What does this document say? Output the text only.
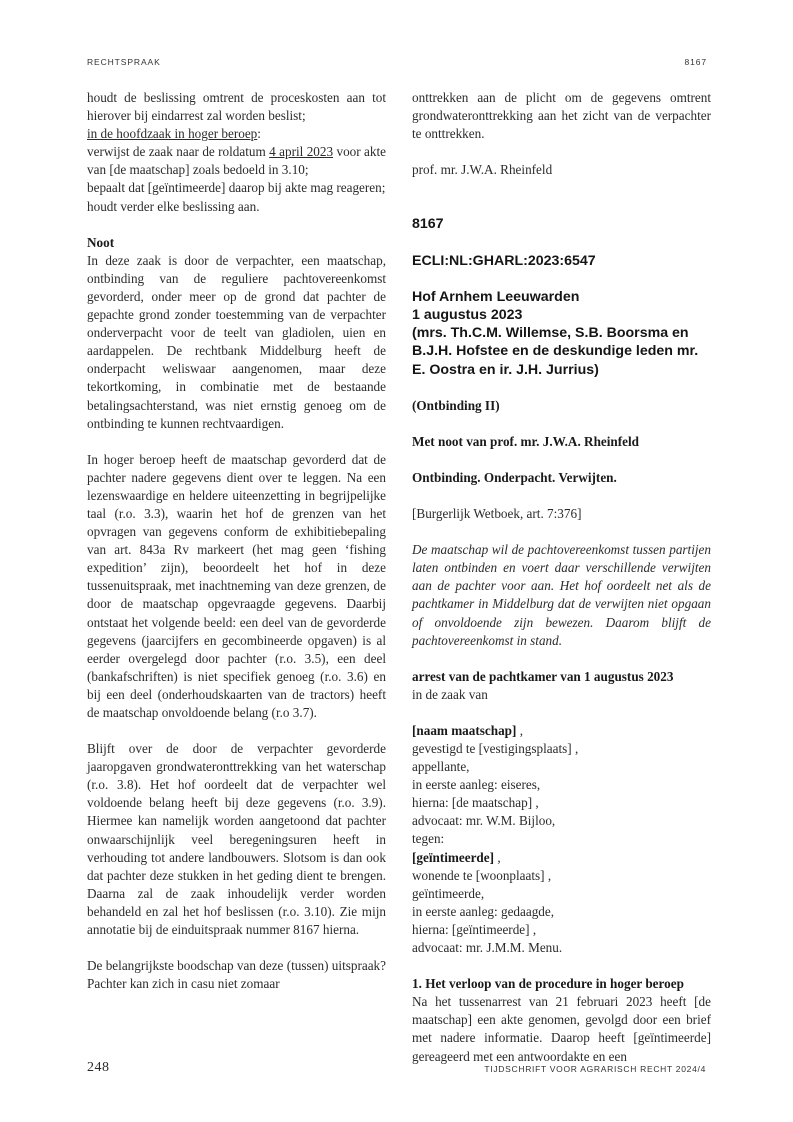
RECHTSPRAAK	8167

houdt de beslissing omtrent de proceskosten aan tot hierover bij eindarrest zal worden beslist;

in de hoofdzaak in hoger beroep:

verwijst de zaak naar de roldatum 4 april 2023 voor akte van [de maatschap] zoals bedoeld in 3.10;

bepaalt dat [geïntimeerde] daarop bij akte mag reageren;

houdt verder elke beslissing aan.

Noot

In deze zaak is door de verpachter, een maatschap, ontbinding van de reguliere pachtovereenkomst gevorderd, onder meer op de grond dat pachter de gepachte grond zonder toestemming van de verpachter onderverpacht voor de teelt van gladiolen, uien en aardappelen. De rechtbank Middelburg heeft de onderpacht weliswaar aangenomen, maar deze tekortkoming, in combinatie met de bestaande betalingsachterstand, was niet ernstig genoeg om de ontbinding te kunnen rechtvaardigen.

In hoger beroep heeft de maatschap gevorderd dat de pachter nadere gegevens dient over te leggen. Na een lezenswaardige en heldere uiteenzetting in begrijpelijke taal (r.o. 3.3), waarin het hof de grenzen van het opvragen van gegevens conform de exhibitiebepaling van art. 843a Rv markeert (het mag geen ‘fishing expedition’ zijn), beoordeelt het hof in deze tussenuitspraak, met inachtneming van deze grenzen, de door de maatschap opgevraagde gegevens. Daarbij ontstaat het volgende beeld: een deel van de gevorderde gegevens (jaarcijfers en gecombineerde opgaven) is al eerder overgelegd door pachter (r.o. 3.5), een deel (bankafschriften) is niet specifiek genoeg (r.o. 3.6) en bij een deel (onderhoudskaarten van de tractors) heeft de maatschap onvoldoende belang (r.o 3.7).

Blijft over de door de verpachter gevorderde jaaropgaven grondwateronttrekking van het waterschap (r.o. 3.8). Het hof oordeelt dat de verpachter wel voldoende belang heeft bij deze gegevens (r.o. 3.9). Hiermee kan namelijk worden aangetoond dat pachter onwaarschijnlijk veel beregeningsuren heeft in verhouding tot andere landbouwers. Slotsom is dan ook dat pachter deze stukken in het geding dient te brengen. Daarna zal de zaak inhoudelijk verder worden behandeld en zal het hof beslissen (r.o. 3.10). Zie mijn annotatie bij de einduitspraak nummer 8167 hierna.

De belangrijkste boodschap van deze (tussen) uitspraak? Pachter kan zich in casu niet zomaar

onttrekken aan de plicht om de gegevens omtrent grondwateronttrekking aan het zicht van de verpachter te onttrekken.

prof. mr. J.W.A. Rheinfeld

8167

ECLI:NL:GHARL:2023:6547

Hof Arnhem Leeuwarden

1 augustus 2023

(mrs. Th.C.M. Willemse, S.B. Boorsma en B.J.H. Hofstee en de deskundige leden mr. E. Oostra en ir. J.H. Jurrius)

(Ontbinding II)

Met noot van prof. mr. J.W.A. Rheinfeld

Ontbinding. Onderpacht. Verwijten.

[Burgerlijk Wetboek, art. 7:376]

De maatschap wil de pachtovereenkomst tussen partijen laten ontbinden en voert daar verschillende verwijten aan de pachter voor aan. Het hof oordeelt net als de pachtkamer in Middelburg dat de verwijten niet opgaan of onvoldoende zijn bewezen. Daarom blijft de pachtovereenkomst in stand.

arrest van de pachtkamer van 1 augustus 2023

in de zaak van

[naam maatschap] ,

gevestigd te [vestigingsplaats] ,

appellante,

in eerste aanleg: eiseres,

hierna: [de maatschap] ,

advocaat: mr. W.M. Bijloo,

tegen:

[geïntimeerde] ,

wonende te [woonplaats] ,

geïntimeerde,

in eerste aanleg: gedaagde,

hierna: [geïntimeerde] ,

advocaat: mr. J.M.M. Menu.

1. Het verloop van de procedure in hoger beroep

Na het tussenarrest van 21 februari 2023 heeft [de maatschap] een akte genomen, gevolgd door een brief met nadere informatie. Daarop heeft [geïntimeerde] gereageerd met een antwoordakte en een

248	TIJDSCHRIFT VOOR AGRARISCH RECHT 2024/4
